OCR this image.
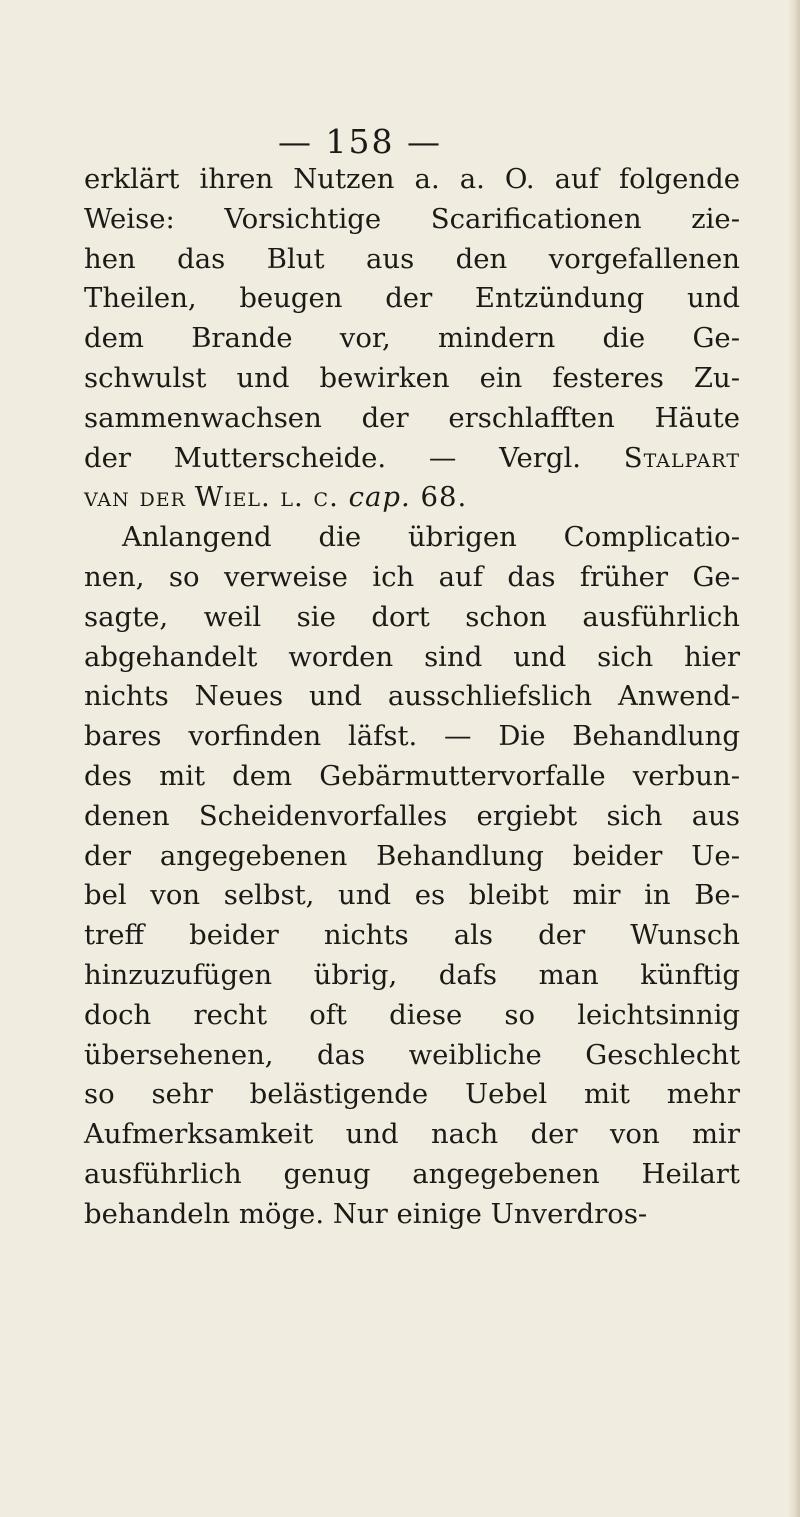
— 158 —
erklärt ihren Nutzen a. a. O. auf folgende
Weise: Vorsichtige Scarificationen zie-
hen das Blut aus den vorgefallenen
Theilen, beugen der Entzündung und
dem Brande vor, mindern die Ge-
schwulst und bewirken ein festeres Zu-
sammenwachsen der erschlafften Häute
der Mutterscheide. — Vergl. Stalpart
van der Wiel. l. c. cap. 68.
Anlangend die übrigen Complicatio-
nen, so verweise ich auf das früher Ge-
sagte, weil sie dort schon ausführlich
abgehandelt worden sind und sich hier
nichts Neues und ausschliefslich Anwend-
bares vorfinden läfst. — Die Behandlung
des mit dem Gebärmuttervorfalle verbun-
denen Scheidenvorfalles ergiebt sich aus
der angegebenen Behandlung beider Ue-
bel von selbst, und es bleibt mir in Be-
treff beider nichts als der Wunsch
hinzuzufügen übrig, dafs man künftig
doch recht oft diese so leichtsinnig
übersehenen, das weibliche Geschlecht
so sehr belästigende Uebel mit mehr
Aufmerksamkeit und nach der von mir
ausführlich genug angegebenen Heilart
behandeln möge. Nur einige Unverdros-
